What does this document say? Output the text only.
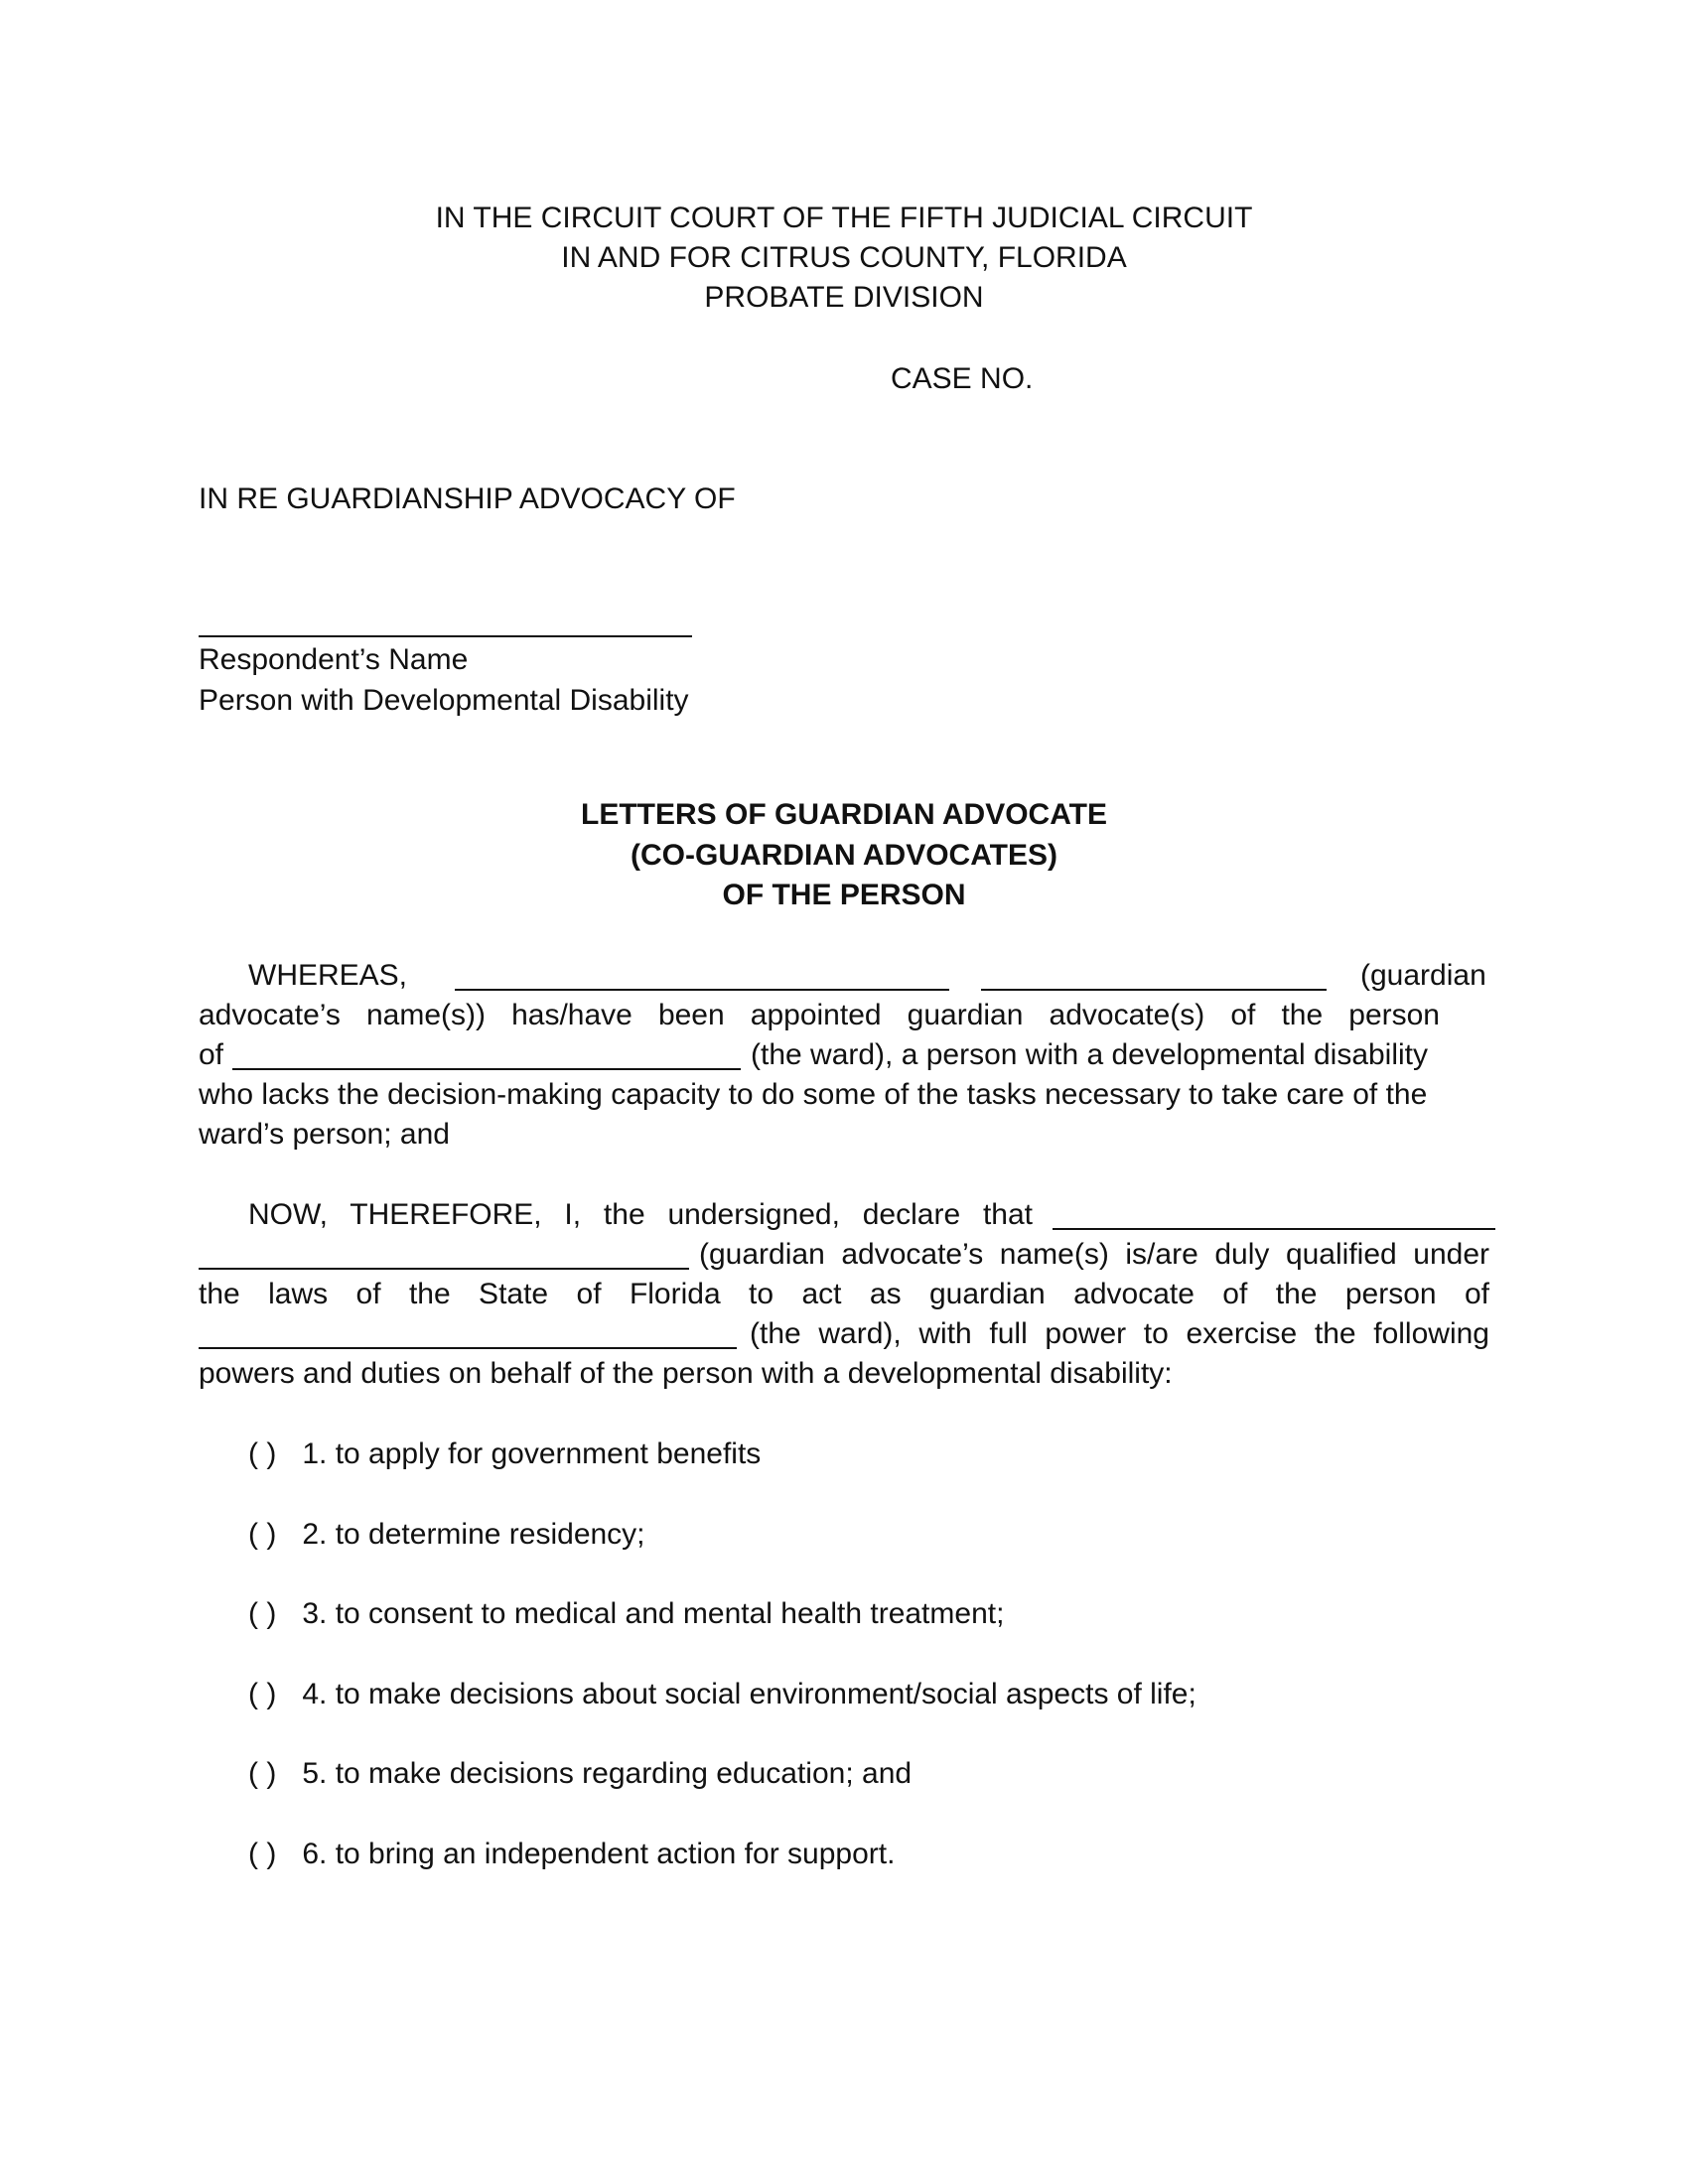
IN THE CIRCUIT COURT OF THE FIFTH JUDICIAL CIRCUIT
IN AND FOR CITRUS COUNTY, FLORIDA
PROBATE DIVISION
CASE NO.
IN RE GUARDIANSHIP ADVOCACY OF
Respondent’s Name
Person with Developmental Disability
LETTERS OF GUARDIAN ADVOCATE
(CO-GUARDIAN ADVOCATES)
OF THE PERSON
WHEREAS,	(guardian
advocate’s name(s)) has/have been appointed guardian advocate(s) of the person
of	(the ward), a person with a developmental disability
who lacks the decision-making capacity to do some of the tasks necessary to take care of the
ward’s person; and
NOW, THEREFORE, I, the undersigned, declare that
(guardian advocate’s name(s) is/are duly qualified under
the laws of the State of Florida to act as guardian advocate of the person of
(the ward), with full power to exercise the following
powers and duties on behalf of the person with a developmental disability:
( ) 1. to apply for government benefits
( ) 2. to determine residency;
( ) 3. to consent to medical and mental health treatment;
( ) 4. to make decisions about social environment/social aspects of life;
( ) 5. to make decisions regarding education; and
( ) 6. to bring an independent action for support.
